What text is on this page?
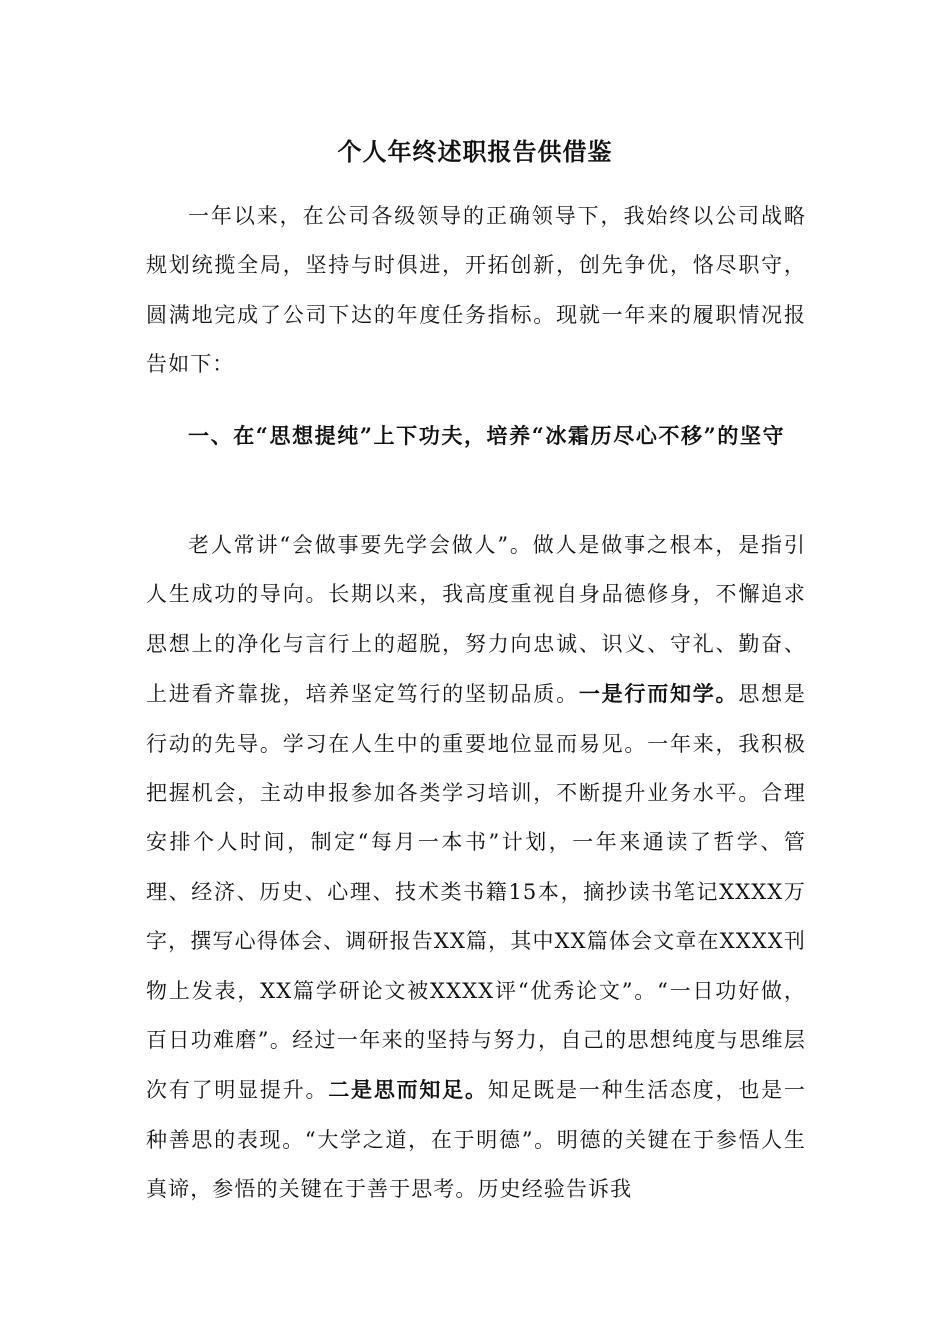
个人年终述职报告供借鉴

一年以来，在公司各级领导的正确领导下，我始终以公司战略规划统揽全局，坚持与时俱进，开拓创新，创先争优，恪尽职守，圆满地完成了公司下达的年度任务指标。现就一年来的履职情况报告如下：

一、在“思想提纯”上下功夫，培养“冰霜历尽心不移”的坚守

老人常讲“会做事要先学会做人”。做人是做事之根本，是指引人生成功的导向。长期以来，我高度重视自身品德修身，不懈追求思想上的净化与言行上的超脱，努力向忠诚、识义、守礼、勤奋、上进看齐靠拢，培养坚定笃行的坚韧品质。一是行而知学。思想是行动的先导。学习在人生中的重要地位显而易见。一年来，我积极把握机会，主动申报参加各类学习培训，不断提升业务水平。合理安排个人时间，制定“每月一本书”计划，一年来通读了哲学、管理、经济、历史、心理、技术类书籍15本，摘抄读书笔记XXXX万字，撰写心得体会、调研报告XX篇，其中XX篇体会文章在XXXX刊物上发表，XX篇学研论文被XXXX评“优秀论文”。“一日功好做，百日功难磨”。经过一年来的坚持与努力，自己的思想纯度与思维层次有了明显提升。二是思而知足。知足既是一种生活态度，也是一种善思的表现。“大学之道，在于明德”。明德的关键在于参悟人生真谛，参悟的关键在于善于思考。历史经验告诉我
